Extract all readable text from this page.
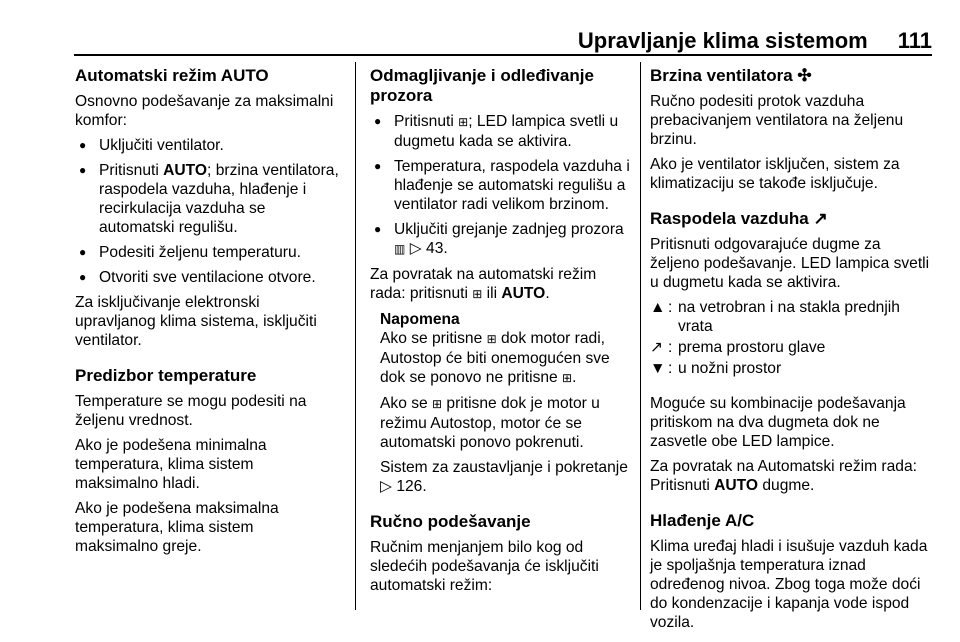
Upravljanje klima sistemom 111
Automatski režim AUTO

Osnovno podešavanje za maksimalni komfor:

● Uključiti ventilator.
● Pritisnuti AUTO; brzina ventilatora, raspodela vazduha, hlađenje i recirkulacija vazduha se automatski regulišu.
● Podesiti željenu temperaturu.
● Otvoriti sve ventilacione otvore.

Za isključivanje elektronski upravljanog klima sistema, isključiti ventilator.

Predizbor temperature

Temperature se mogu podesiti na željenu vrednost.

Ako je podešena minimalna temperatura, klima sistem maksimalno hladi.

Ako je podešena maksimalna temperatura, klima sistem maksimalno greje.

Odmagljivanje i odleđivanje prozora
● Pritisnuti ⊞; LED lampica svetli u dugmetu kada se aktivira.
● Temperatura, raspodela vazduha i hlađenje se automatski regulišu a ventilator radi velikom brzinom.
● Uključiti grejanje zadnjeg prozora ▥ ▷ 43.

Za povratak na automatski režim rada: pritisnuti ⊞ ili AUTO.

Napomena

Ako se pritisne ⊞ dok motor radi, Autostop će biti onemogućen sve dok se ponovo ne pritisne ⊞.

Ako se ⊞ pritisne dok je motor u režimu Autostop, motor će se automatski ponovo pokrenuti.

Sistem za zaustavljanje i pokretanje ▷ 126.

Ručno podešavanje

Ručnim menjanjem bilo kog od sledećih podešavanja će isključiti automatski režim:

Brzina ventilatora ✣

Ručno podesiti protok vazduha prebacivanjem ventilatora na željenu brzinu.

Ako je ventilator isključen, sistem za klimatizaciju se takođe isključuje.

Raspodela vazduha ↗

Pritisnuti odgovarajuće dugme za željeno podešavanje. LED lampica svetli u dugmetu kada se aktivira.

▲ : na vetrobran i na stakla prednjih vrata
↗ : prema prostoru glave
▼ : u nožni prostor

Moguće su kombinacije podešavanja pritiskom na dva dugmeta dok ne zasvetle obe LED lampice.

Za povratak na Automatski režim rada: Pritisnuti AUTO dugme.

Hlađenje A/C

Klima uređaj hladi i isušuje vazduh kada je spoljašnja temperatura iznad određenog nivoa. Zbog toga može doći do kondenzacije i kapanja vode ispod vozila.
